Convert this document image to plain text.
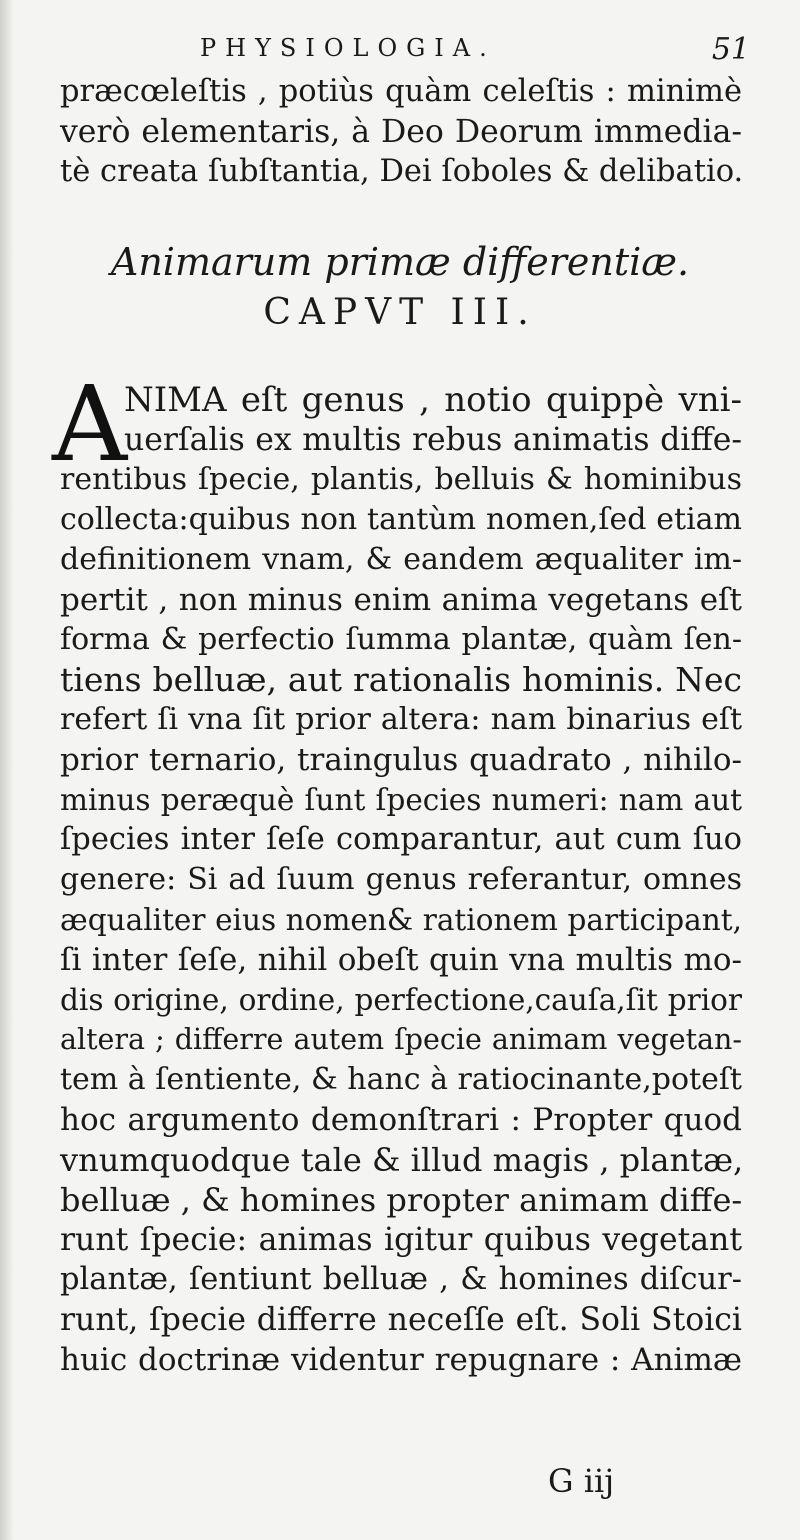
PHYSIOLOGIA.	51
præcœleſtis , potiùs quàm celeſtis : minimè
verò elementaris, à Deo Deorum immedia-
tè creata ſubſtantia, Dei ſoboles & delibatio.
Animarum primæ differentiæ.
CAPVT III.
A
NIMA eſt genus , notio quippè vni-
uerſalis ex multis rebus animatis diffe-
rentibus ſpecie, plantis, belluis & hominibus
collecta:quibus non tantùm nomen,ſed etiam
definitionem vnam, & eandem æqualiter im-
pertit , non minus enim anima vegetans eſt
forma & perfectio ſumma plantæ, quàm ſen-
tiens belluæ, aut rationalis hominis. Nec
refert ſi vna ſit prior altera: nam binarius eſt
prior ternario, traingulus quadrato , nihilo-
minus peræquè ſunt ſpecies numeri: nam aut
ſpecies inter ſeſe comparantur, aut cum ſuo
genere: Si ad ſuum genus referantur, omnes
æqualiter eius nomen& rationem participant,
ſi inter ſeſe, nihil obeſt quin vna multis mo-
dis origine, ordine, perfectione,cauſa,ſit prior
altera ; differre autem ſpecie animam vegetan-
tem à ſentiente, & hanc à ratiocinante,poteſt
hoc argumento demonſtrari : Propter quod
vnumquodque tale & illud magis , plantæ,
belluæ , & homines propter animam diffe-
runt ſpecie: animas igitur quibus vegetant
plantæ, ſentiunt belluæ , & homines diſcur-
runt, ſpecie differre neceſſe eſt. Soli Stoici
huic doctrinæ videntur repugnare : Animæ
G iij
